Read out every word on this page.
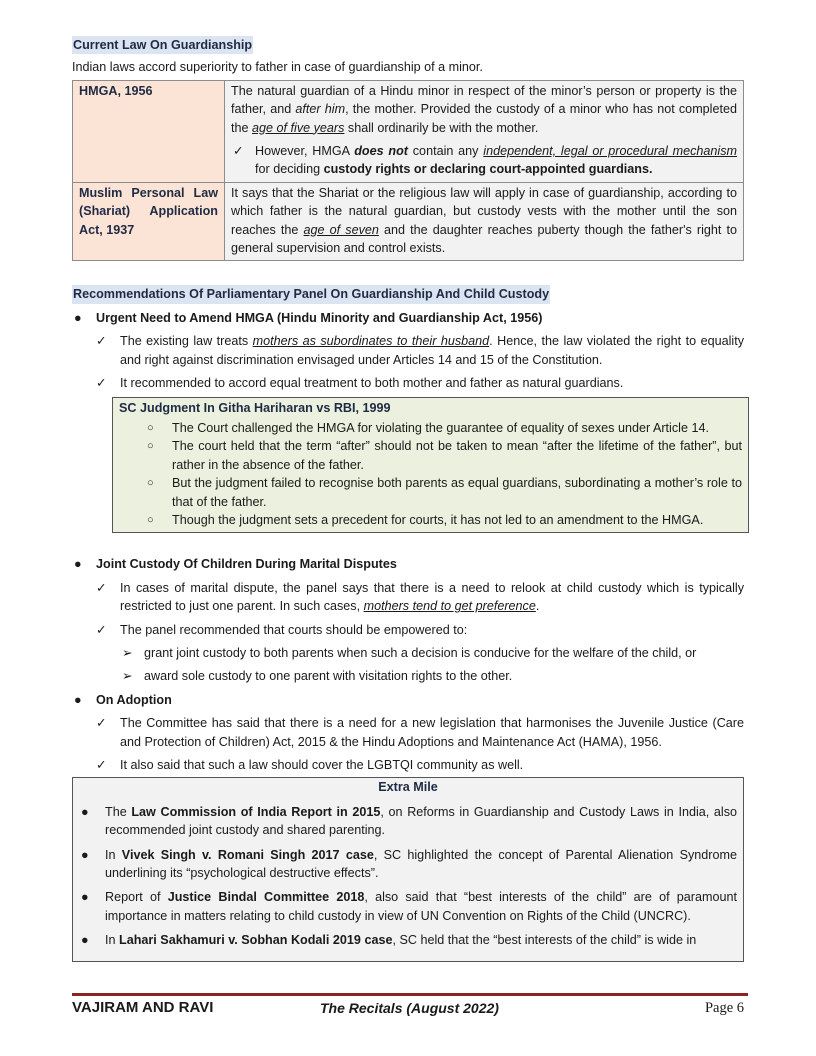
Current Law On Guardianship

Indian laws accord superiority to father in case of guardianship of a minor.

HMGA, 1956	The natural guardian of a Hindu minor in respect of the minor’s person or property is the father, and after him, the mother. Provided the custody of a minor who has not completed the age of five years shall ordinarily be with the mother.
✓ However, HMGA does not contain any independent, legal or procedural mechanism for deciding custody rights or declaring court-appointed guardians.

Muslim Personal Law (Shariat) Application Act, 1937	It says that the Shariat or the religious law will apply in case of guardianship, according to which father is the natural guardian, but custody vests with the mother until the son reaches the age of seven and the daughter reaches puberty though the father's right to general supervision and control exists.
Recommendations Of Parliamentary Panel On Guardianship And Child Custody
● Urgent Need to Amend HMGA (Hindu Minority and Guardianship Act, 1956)
✓ The existing law treats mothers as subordinates to their husband. Hence, the law violated the right to equality and right against discrimination envisaged under Articles 14 and 15 of the Constitution.
✓ It recommended to accord equal treatment to both mother and father as natural guardians.
SC Judgment In Githa Hariharan vs RBI, 1999
○ The Court challenged the HMGA for violating the guarantee of equality of sexes under Article 14.
○ The court held that the term “after” should not be taken to mean “after the lifetime of the father”, but rather in the absence of the father.
○ But the judgment failed to recognise both parents as equal guardians, subordinating a mother’s role to that of the father.
○ Though the judgment sets a precedent for courts, it has not led to an amendment to the HMGA.
● Joint Custody Of Children During Marital Disputes
✓ In cases of marital dispute, the panel says that there is a need to relook at child custody which is typically restricted to just one parent. In such cases, mothers tend to get preference.
✓ The panel recommended that courts should be empowered to:
➢ grant joint custody to both parents when such a decision is conducive for the welfare of the child, or
➢ award sole custody to one parent with visitation rights to the other.
● On Adoption
✓ The Committee has said that there is a need for a new legislation that harmonises the Juvenile Justice (Care and Protection of Children) Act, 2015 & the Hindu Adoptions and Maintenance Act (HAMA), 1956.
✓ It also said that such a law should cover the LGBTQI community as well.
Extra Mile
● The Law Commission of India Report in 2015, on Reforms in Guardianship and Custody Laws in India, also recommended joint custody and shared parenting.
● In Vivek Singh v. Romani Singh 2017 case, SC highlighted the concept of Parental Alienation Syndrome underlining its “psychological destructive effects”.
● Report of Justice Bindal Committee 2018, also said that “best interests of the child” are of paramount importance in matters relating to child custody in view of UN Convention on Rights of the Child (UNCRC).
● In Lahari Sakhamuri v. Sobhan Kodali 2019 case, SC held that the “best interests of the child” is wide in
VAJIRAM AND RAVI	The Recitals (August 2022)	Page 6
